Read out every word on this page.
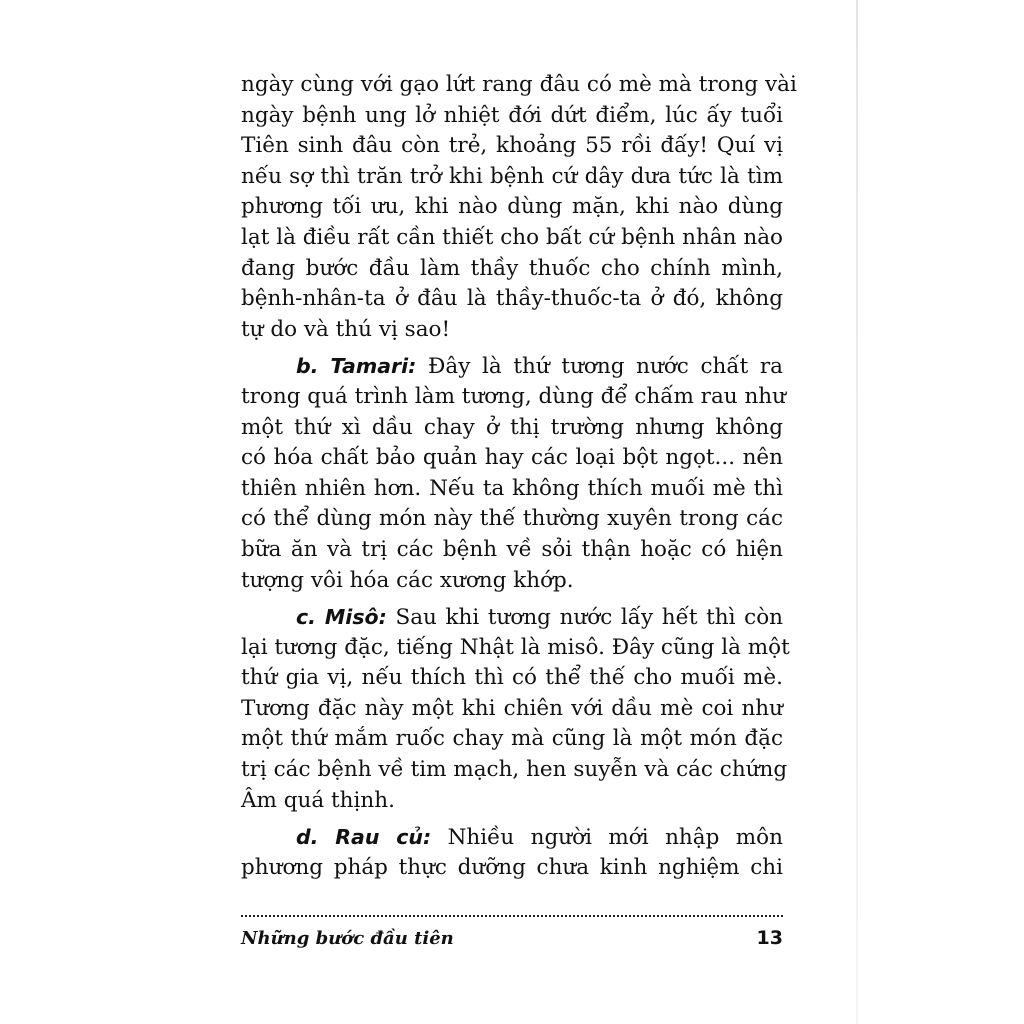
ngày cùng với gạo lứt rang đâu có mè mà trong vài
ngày bệnh ung lở nhiệt đới dứt điểm, lúc ấy tuổi
Tiên sinh đâu còn trẻ, khoảng 55 rồi đấy! Quí vị
nếu sợ thì trăn trở khi bệnh cứ dây dưa tức là tìm
phương tối ưu, khi nào dùng mặn, khi nào dùng
lạt là điều rất cần thiết cho bất cứ bệnh nhân nào
đang bước đầu làm thầy thuốc cho chính mình,
bệnh-nhân-ta ở đâu là thầy-thuốc-ta ở đó, không
tự do và thú vị sao!
b. Tamari: Đây là thứ tương nước chất ra
trong quá trình làm tương, dùng để chấm rau như
một thứ xì dầu chay ở thị trường nhưng không
có hóa chất bảo quản hay các loại bột ngọt... nên
thiên nhiên hơn. Nếu ta không thích muối mè thì
có thể dùng món này thế thường xuyên trong các
bữa ăn và trị các bệnh về sỏi thận hoặc có hiện
tượng vôi hóa các xương khớp.
c. Misô: Sau khi tương nước lấy hết thì còn
lại tương đặc, tiếng Nhật là misô. Đây cũng là một
thứ gia vị, nếu thích thì có thể thế cho muối mè.
Tương đặc này một khi chiên với dầu mè coi như
một thứ mắm ruốc chay mà cũng là một món đặc
trị các bệnh về tim mạch, hen suyễn và các chứng
Âm quá thịnh.
d. Rau củ: Nhiều người mới nhập môn
phương pháp thực dưỡng chưa kinh nghiệm chi
Những bước đầu tiên	13
